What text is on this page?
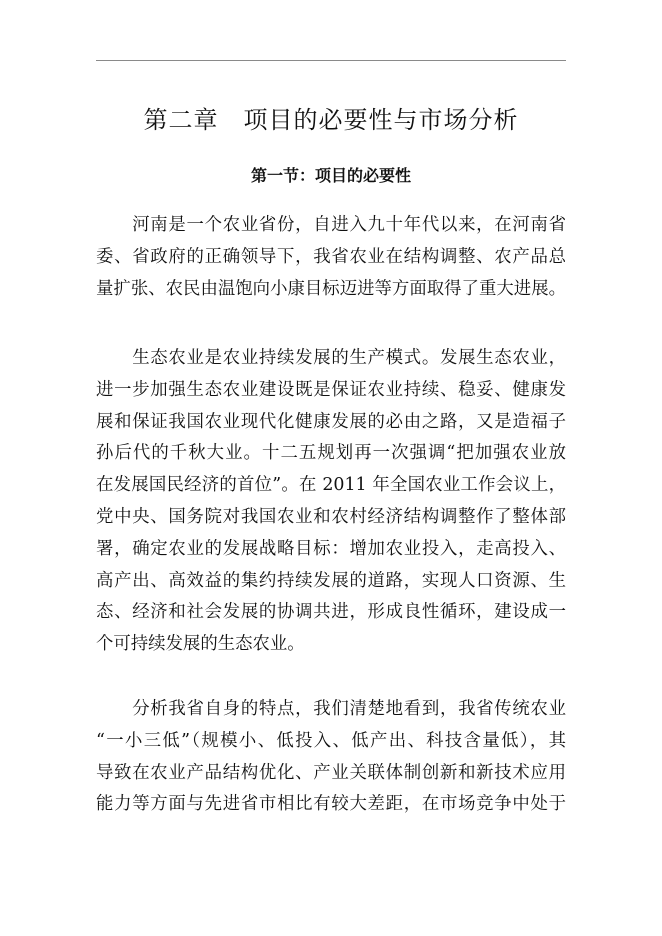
第二章　项目的必要性与市场分析
第一节：项目的必要性

　　河南是一个农业省份，自进入九十年代以来，在河南省
委、省政府的正确领导下，我省农业在结构调整、农产品总
量扩张、农民由温饱向小康目标迈进等方面取得了重大进展。

　　生态农业是农业持续发展的生产模式。发展生态农业，
进一步加强生态农业建设既是保证农业持续、稳妥、健康发
展和保证我国农业现代化健康发展的必由之路，又是造福子
孙后代的千秋大业。十二五规划再一次强调“把加强农业放
在发展国民经济的首位”。在 2011 年全国农业工作会议上，
党中央、国务院对我国农业和农村经济结构调整作了整体部
署，确定农业的发展战略目标：增加农业投入，走高投入、
高产出、高效益的集约持续发展的道路，实现人口资源、生
态、经济和社会发展的协调共进，形成良性循环，建设成一
个可持续发展的生态农业。

　　分析我省自身的特点，我们清楚地看到，我省传统农业
“一小三低”（规模小、低投入、低产出、科技含量低），其
导致在农业产品结构优化、产业关联体制创新和新技术应用
能力等方面与先进省市相比有较大差距，在市场竞争中处于
